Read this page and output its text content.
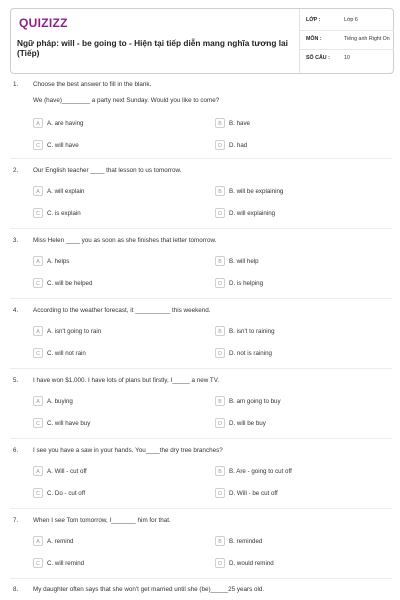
QUIZIZZ
Ngữ pháp: will - be going to - Hiện tại tiếp diễn mang nghĩa tương lai (Tiếp)
LỚP :	Lớp 6
MÔN :	Tiếng anh Right On
SỐ CÂU :	10
1. Choose the best answer to fill in the blank.
We (have)________ a party next Sunday. Would you like to come?
A	A. are having	B	B. have
C	C. will have	D	D. had
2. Our English teacher ____ that lesson to us tomorrow.
A	A. will explain	B	B. will be explaining
C	C. is explain	D	D. will explaining
3. Miss Helen ____ you as soon as she finishes that letter tomorrow.
A	A. helps	B	B. will help
C	C. will be helped	D	D. is helping
4. According to the weather forecast, it __________ this weekend.
A	A. isn't going to rain	B	B. isn't to raining
C	C. will not rain	D	D. not is raining
5. I have won $1,000. I have lots of plans but firstly, I_____ a new TV.
A	A. buying	B	B. am going to buy
C	C. will have buy	D	D. will be buy
6. I see you have a saw in your hands. You____the dry tree branches?
A	A. Will - cut off	B	B. Are - going to cut off
C	C. Do - cut off	D	D. Will - be cut off
7. When I see Tom tomorrow, I_______ him for that.
A	A. remind	B	B. reminded
C	C. will remind	D	D. would remind
8. My daughter often says that she won't get married until she (be)_____25 years old.
